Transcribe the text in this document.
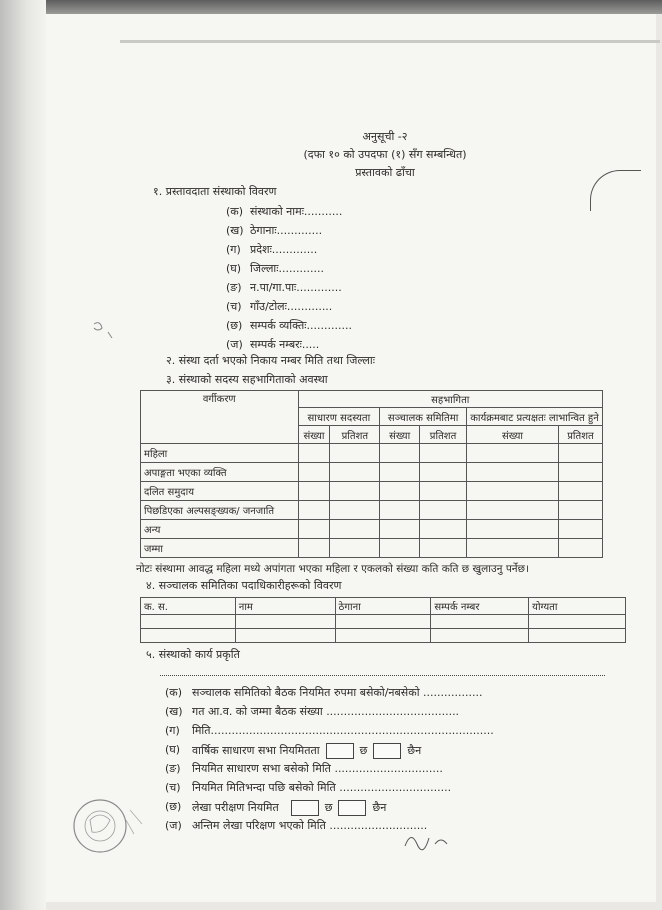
अनुसूची -२
(दफा १० को उपदफा (१) सँग सम्बन्धित)
प्रस्तावको ढाँचा
१. प्रस्तावदाता संस्थाको विवरण
(क) संस्थाको नामः...........
(ख) ठेगानाः.............
(ग) प्रदेशः.............
(घ) जिल्लाः.............
(ङ) न.पा/गा.पाः.............
(च) गाँउ/टोलः.............
(छ) सम्पर्क व्यक्तिः.............
(ज) सम्पर्क नम्बरः.....
२. संस्था दर्ता भएको निकाय नम्बर मिति तथा जिल्लाः
३. संस्थाको सदस्य सहभागिताको अवस्था
वर्गीकरण	सहभागिता					
	साधारण सदस्यता		सञ्चालक समितिमा		कार्यक्रमबाट प्रत्यक्षतः लाभान्वित हुने	
	संख्या	प्रतिशत	संख्या	प्रतिशत	संख्या	प्रतिशत
महिला						
अपाङ्गता भएका व्यक्ति						
दलित समुदाय						
पिछडिएका अल्पसङ्ख्यक/ जनजाति						
अन्य						
जम्मा						
नोटः संस्थामा आवद्ध महिला मध्ये अपांगता भएका महिला र एकलको संख्या कति कति छ खुलाउनु पर्नेछ।
४. सञ्चालक समितिका पदाधिकारीहरूको विवरण
क. स.	नाम	ठेगाना	सम्पर्क नम्बर	योग्यता

५. संस्थाको कार्य प्रकृति
(क) सञ्चालक समितिको बैठक नियमित रुपमा बसेको/नबसेको .................
(ख) गत आ.व. को जम्मा बैठक संख्या ......................................
(ग) मिति.................................................................................
(घ) वार्षिक साधारण सभा नियमितता	छ	छैन
(ङ) नियमित साधारण सभा बसेको मिति ...............................
(च) नियमित मितिभन्दा पछि बसेको मिति ................................
(छ) लेखा परीक्षण नियमित	छ	छैन
(ज) अन्तिम लेखा परिक्षण भएको मिति ............................
